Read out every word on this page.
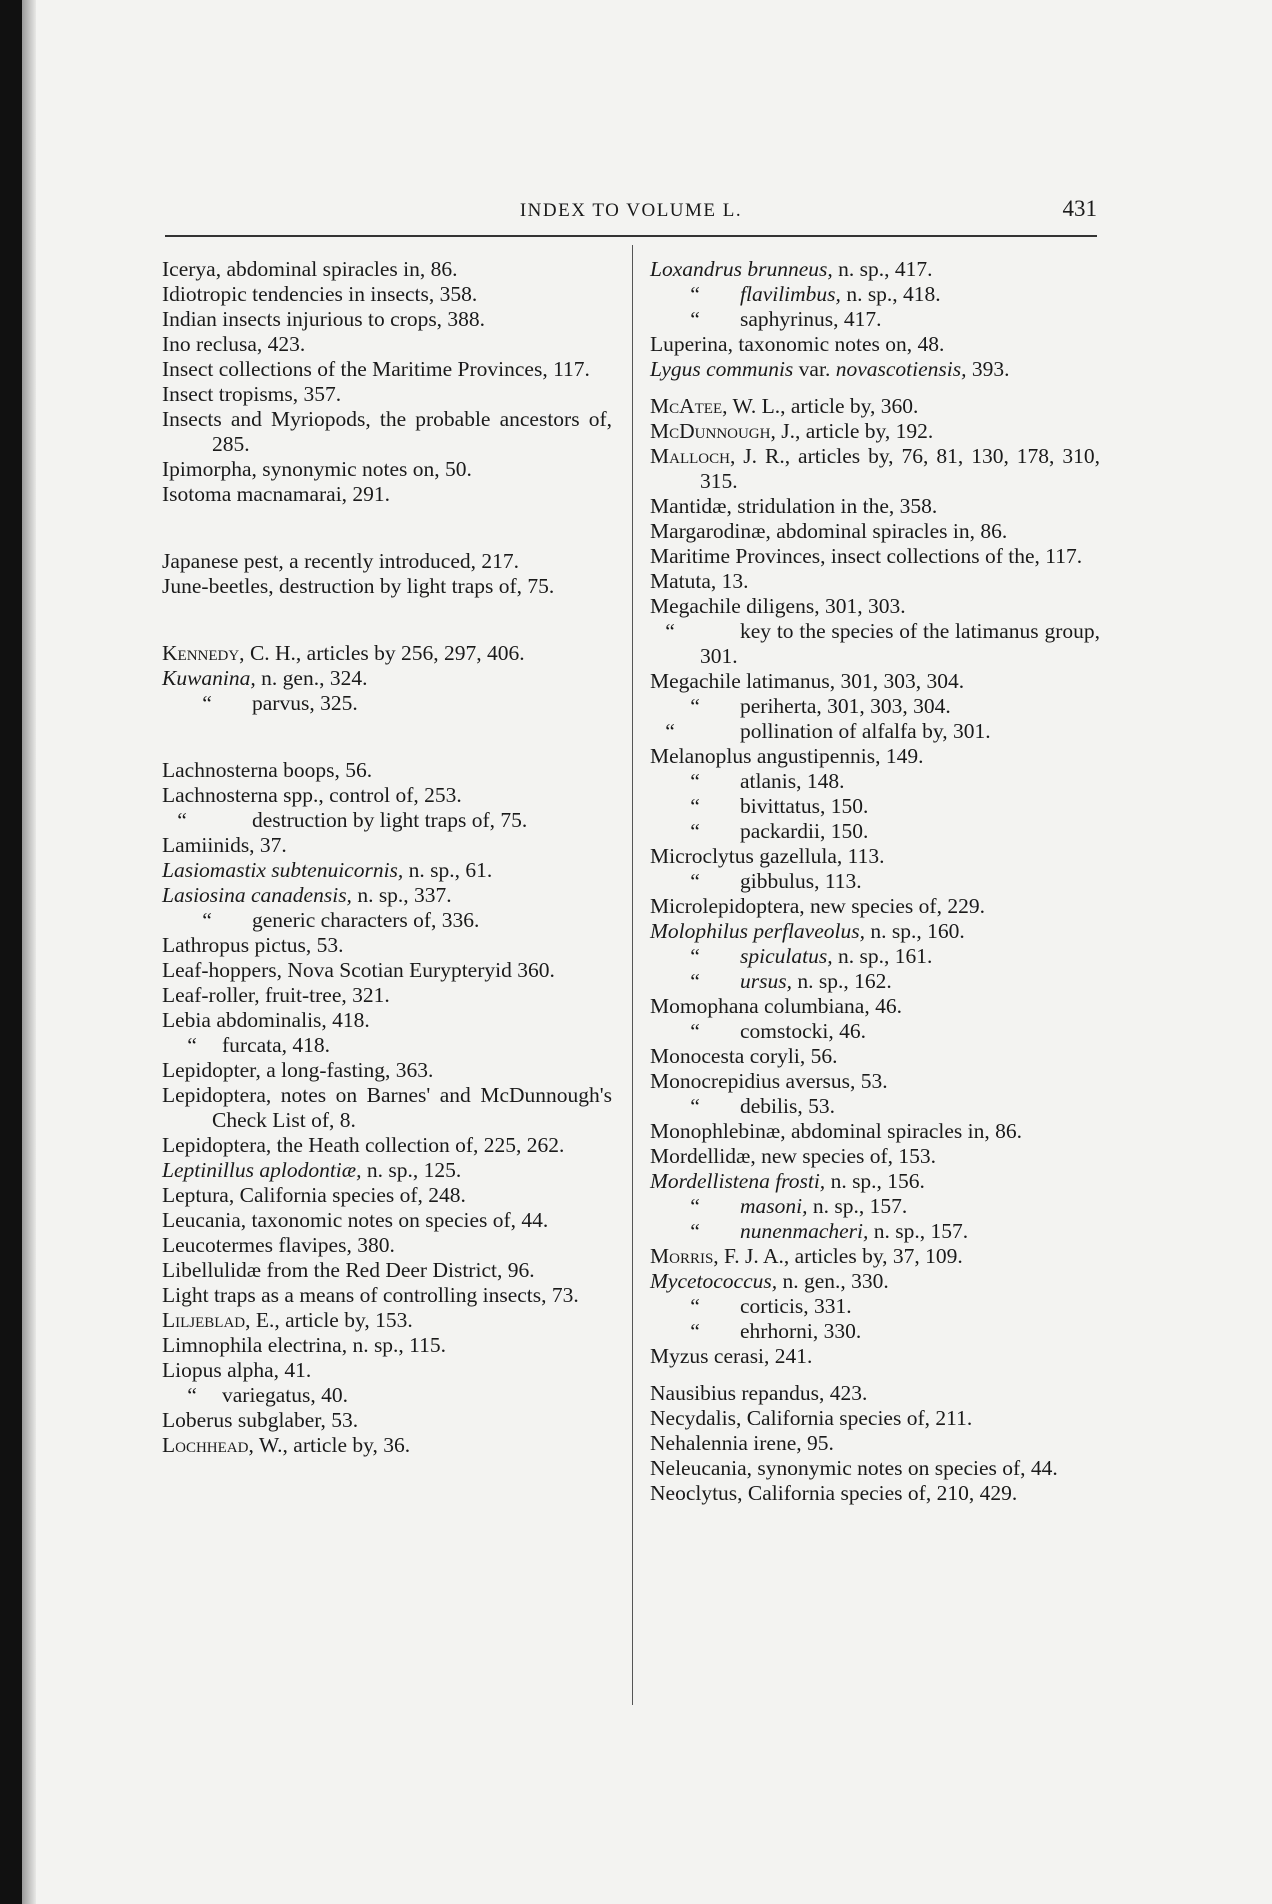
INDEX TO VOLUME L.	431
Icerya, abdominal spiracles in, 86.
Idiotropic tendencies in insects, 358.
Indian insects injurious to crops, 388.
Ino reclusa, 423.
Insect collections of the Maritime Provinces, 117.
Insect tropisms, 357.
Insects and Myriopods, the probable ancestors of, 285.
Ipimorpha, synonymic notes on, 50.
Isotoma macnamarai, 291.
Japanese pest, a recently introduced, 217.
June-beetles, destruction by light traps of, 75.
Kennedy, C. H., articles by 256, 297, 406.
Kuwanina, n. gen., 324.
“ parvus, 325.
Lachnosterna boops, 56.
Lachnosterna spp., control of, 253.
“	destruction by light traps of, 75.
Lamiinids, 37.
Lasiomastix subtenuicornis, n. sp., 61.
Lasiosina canadensis, n. sp., 337.
“ generic characters of, 336.
Lathropus pictus, 53.
Leaf-hoppers, Nova Scotian Eurypteryid 360.
Leaf-roller, fruit-tree, 321.
Lebia abdominalis, 418.
“ furcata, 418.
Lepidopter, a long-fasting, 363.
Lepidoptera, notes on Barnes' and McDunnough's Check List of, 8.
Lepidoptera, the Heath collection of, 225, 262.
Leptinillus aplodontiæ, n. sp., 125.
Leptura, California species of, 248.
Leucania, taxonomic notes on species of, 44.
Leucotermes flavipes, 380.
Libellulidæ from the Red Deer District, 96.
Light traps as a means of controlling insects, 73.
Liljeblad, E., article by, 153.
Limnophila electrina, n. sp., 115.
Liopus alpha, 41.
“ variegatus, 40.
Loberus subglaber, 53.
Lochhead, W., article by, 36.
Loxandrus brunneus, n. sp., 417.
“ flavilimbus, n. sp., 418.
“ saphyrinus, 417.
Luperina, taxonomic notes on, 48.
Lygus communis var. novascotiensis, 393.
McAtee, W. L., article by, 360.
McDunnough, J., article by, 192.
Malloch, J. R., articles by, 76, 81, 130, 178, 310, 315.
Mantidæ, stridulation in the, 358.
Margarodinæ, abdominal spiracles in, 86.
Maritime Provinces, insect collections of the, 117.
Matuta, 13.
Megachile diligens, 301, 303.
“	key to the species of the latimanus group, 301.
Megachile latimanus, 301, 303, 304.
“ periherta, 301, 303, 304.
“	pollination of alfalfa by, 301.
Melanoplus angustipennis, 149.
“ atlanis, 148.
“ bivittatus, 150.
“ packardii, 150.
Microclytus gazellula, 113.
“ gibbulus, 113.
Microlepidoptera, new species of, 229.
Molophilus perflaveolus, n. sp., 160.
“ spiculatus, n. sp., 161.
“ ursus, n. sp., 162.
Momophana columbiana, 46.
“ comstocki, 46.
Monocesta coryli, 56.
Monocrepidius aversus, 53.
“ debilis, 53.
Monophlebinæ, abdominal spiracles in, 86.
Mordellidæ, new species of, 153.
Mordellistena frosti, n. sp., 156.
“ masoni, n. sp., 157.
“ nunenmacheri, n. sp., 157.
Morris, F. J. A., articles by, 37, 109.
Mycetococcus, n. gen., 330.
“ corticis, 331.
“ ehrhorni, 330.
Myzus cerasi, 241.
Nausibius repandus, 423.
Necydalis, California species of, 211.
Nehalennia irene, 95.
Neleucania, synonymic notes on species of, 44.
Neoclytus, California species of, 210, 429.
